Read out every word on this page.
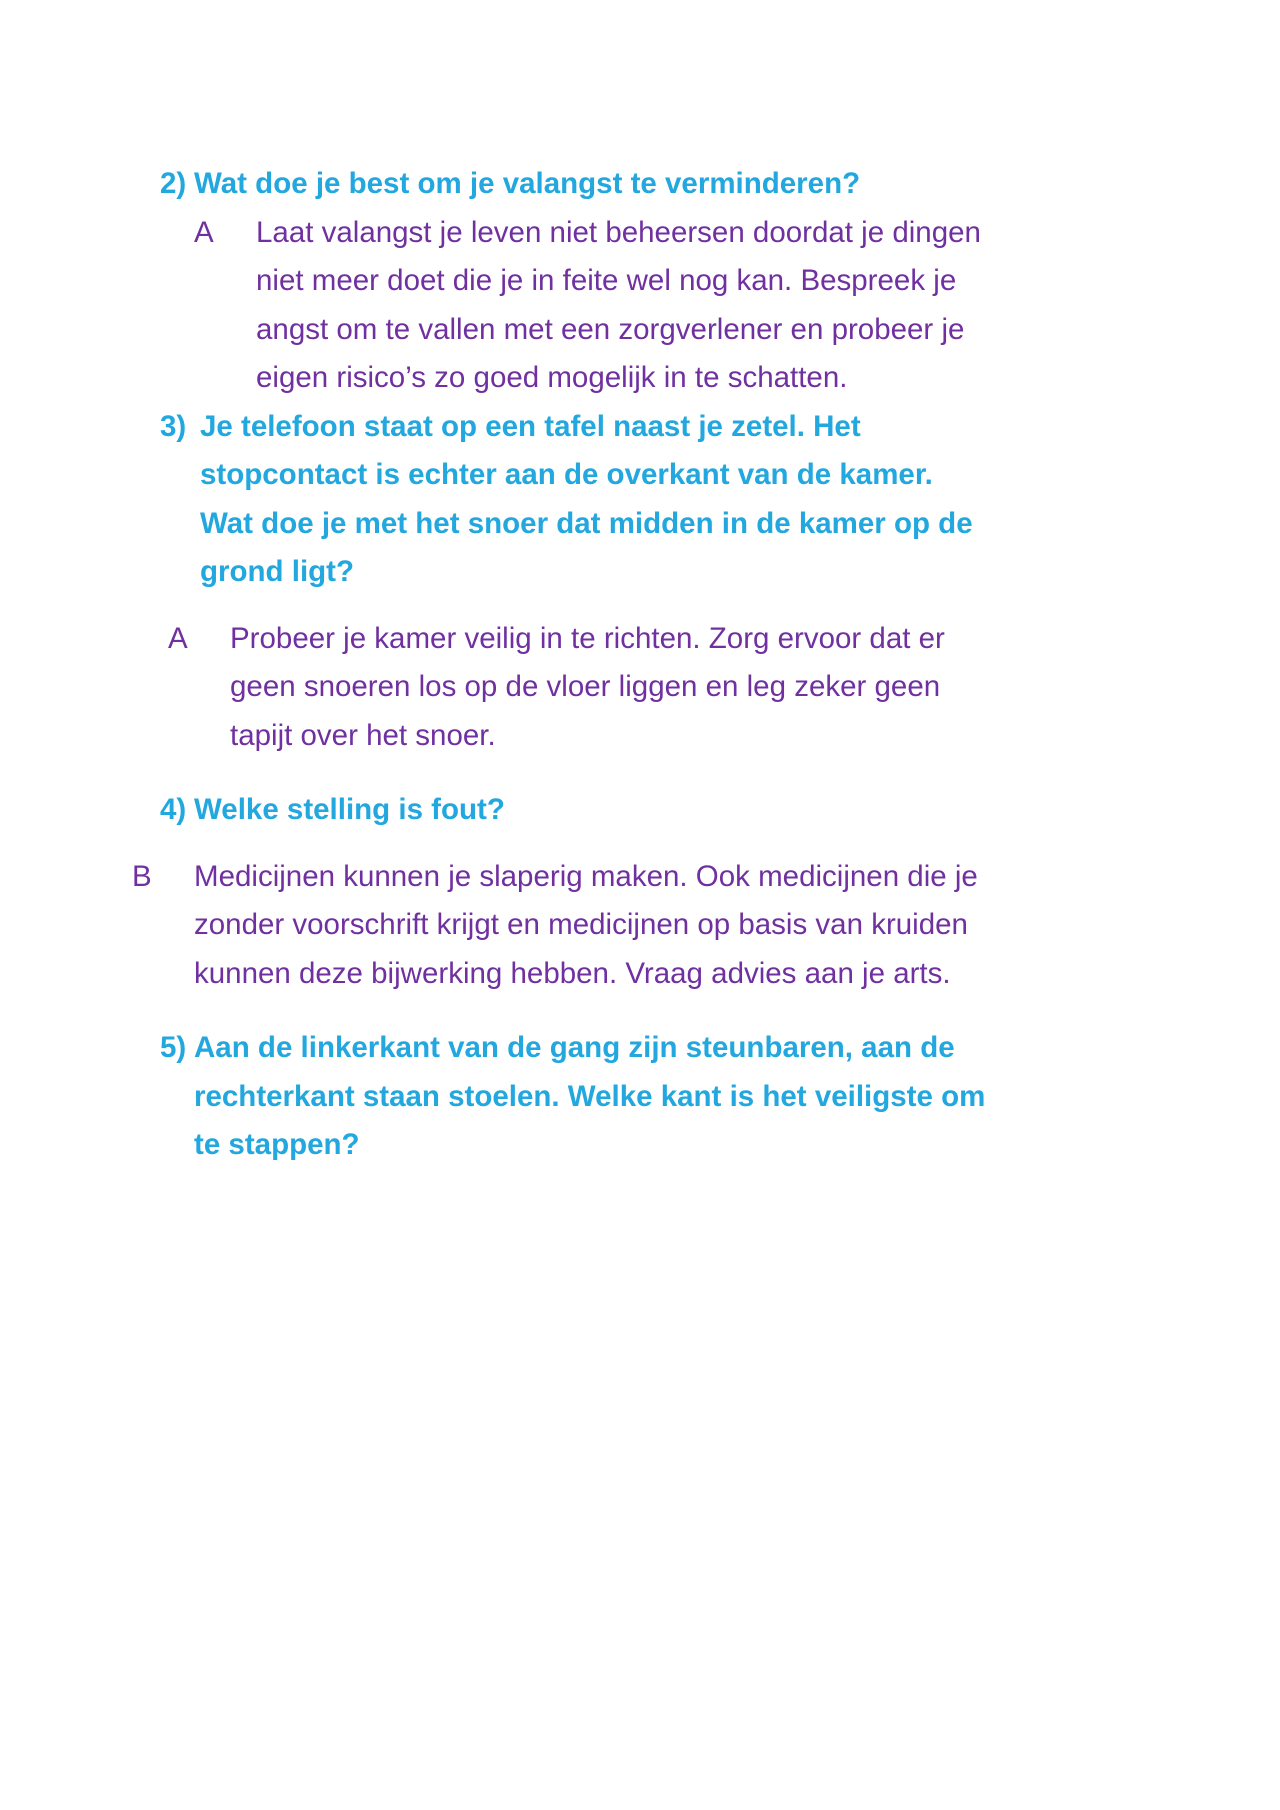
2) Wat doe je best om je valangst te verminderen?
A	Laat valangst je leven niet beheersen doordat je dingen niet meer doet die je in feite wel nog kan. Bespreek je angst om te vallen met een zorgverlener en probeer je eigen risico’s zo goed mogelijk in te schatten.
3) Je telefoon staat op een tafel naast je zetel. Het stopcontact is echter aan de overkant van de kamer. Wat doe je met het snoer dat midden in de kamer op de grond ligt?
A	Probeer je kamer veilig in te richten. Zorg ervoor dat er geen snoeren los op de vloer liggen en leg zeker geen tapijt over het snoer.
4) Welke stelling is fout?
B	Medicijnen kunnen je slaperig maken. Ook medicijnen die je zonder voorschrift krijgt en medicijnen op basis van kruiden kunnen deze bijwerking hebben. Vraag advies aan je arts.
5) Aan de linkerkant van de gang zijn steunbaren, aan de rechterkant staan stoelen. Welke kant is het veiligste om te stappen?
